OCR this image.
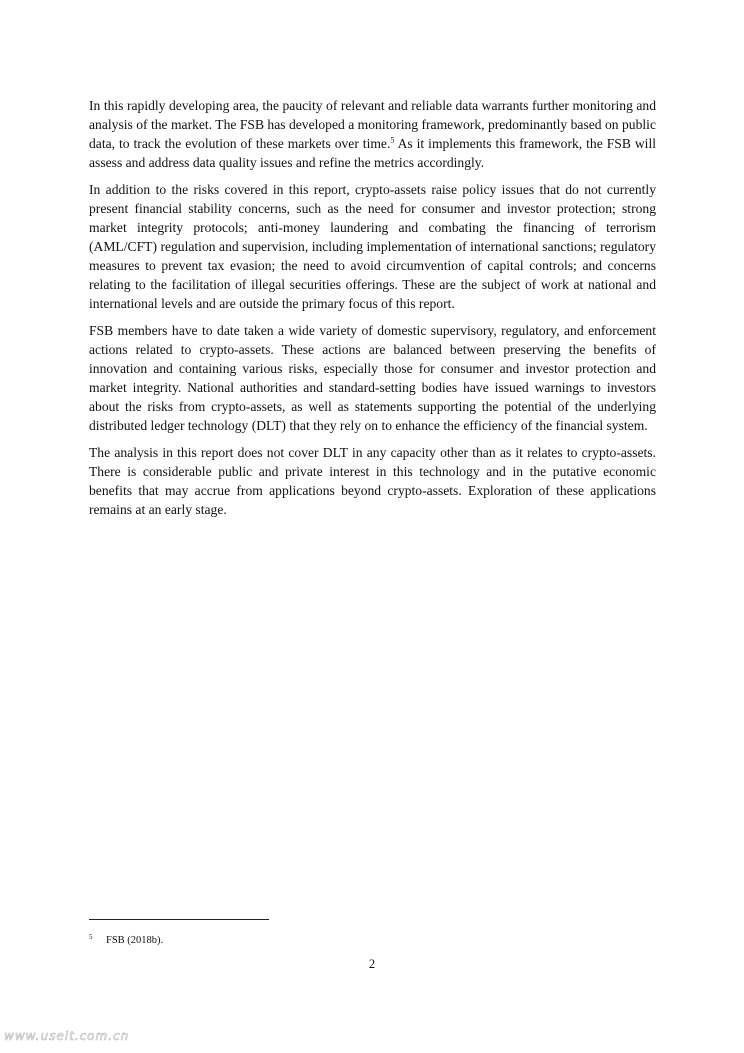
In this rapidly developing area, the paucity of relevant and reliable data warrants further monitoring and analysis of the market. The FSB has developed a monitoring framework, predominantly based on public data, to track the evolution of these markets over time.$^5$ As it implements this framework, the FSB will assess and address data quality issues and refine the metrics accordingly.

In addition to the risks covered in this report, crypto-assets raise policy issues that do not currently present financial stability concerns, such as the need for consumer and investor protection; strong market integrity protocols; anti-money laundering and combating the financing of terrorism (AML/CFT) regulation and supervision, including implementation of international sanctions; regulatory measures to prevent tax evasion; the need to avoid circumvention of capital controls; and concerns relating to the facilitation of illegal securities offerings. These are the subject of work at national and international levels and are outside the primary focus of this report.

FSB members have to date taken a wide variety of domestic supervisory, regulatory, and enforcement actions related to crypto-assets. These actions are balanced between preserving the benefits of innovation and containing various risks, especially those for consumer and investor protection and market integrity. National authorities and standard-setting bodies have issued warnings to investors about the risks from crypto-assets, as well as statements supporting the potential of the underlying distributed ledger technology (DLT) that they rely on to enhance the efficiency of the financial system.

The analysis in this report does not cover DLT in any capacity other than as it relates to crypto-assets. There is considerable public and private interest in this technology and in the putative economic benefits that may accrue from applications beyond crypto-assets. Exploration of these applications remains at an early stage.

5 FSB (2018b).
2
www.useit.com.cn
